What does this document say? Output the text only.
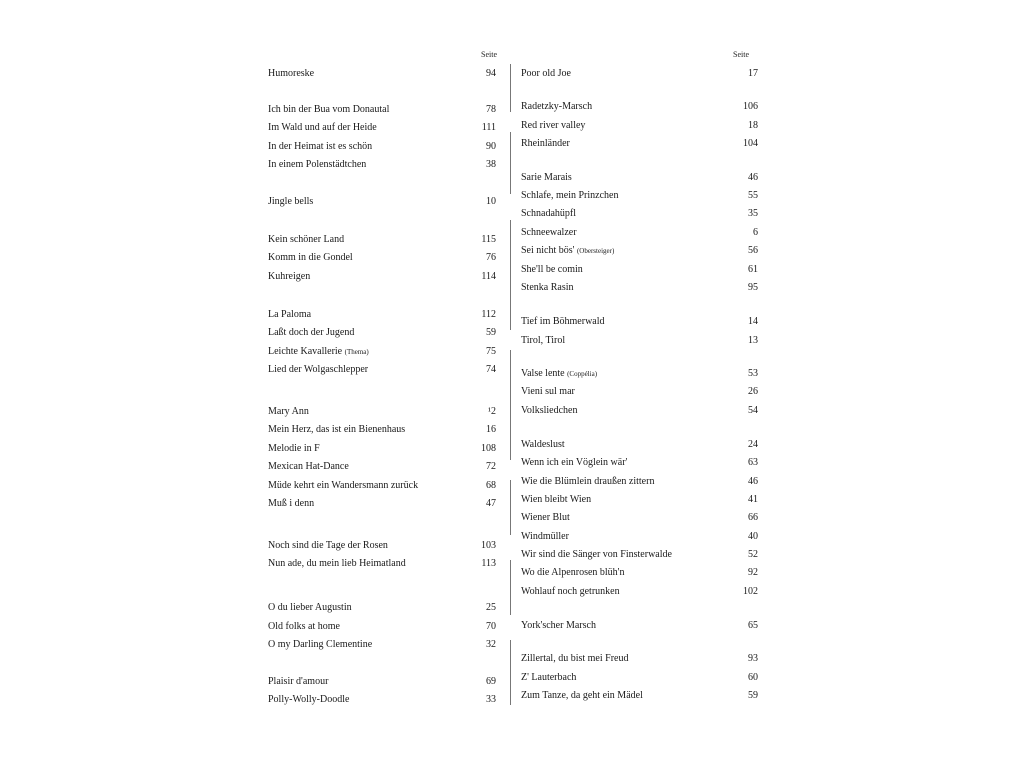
Seite
Humoreske	94
Ich bin der Bua vom Donautal	78
Im Wald und auf der Heide	111
In der Heimat ist es schön	90
In einem Polenstädtchen	38
Jingle bells	10
Kein schöner Land	115
Komm in die Gondel	76
Kuhreigen	114
La Paloma	112
Laßt doch der Jugend	59
Leichte Kavallerie (Thema)	75
Lied der Wolgaschlepper	74
Mary Ann	¹2
Mein Herz, das ist ein Bienenhaus	16
Melodie in F	108
Mexican Hat-Dance	72
Müde kehrt ein Wandersmann zurück	68
Muß i denn	47
Noch sind die Tage der Rosen	103
Nun ade, du mein lieb Heimatland	113
O du lieber Augustin	25
Old folks at home	70
O my Darling Clementine	32
Plaisir d'amour	69
Polly-Wolly-Doodle	33
Seite
Poor old Joe	17
Radetzky-Marsch	106
Red river valley	18
Rheinländer	104
Sarie Marais	46
Schlafe, mein Prinzchen	55
Schnadahüpfl	35
Schneewalzer	6
Sei nicht bös' (Obersteiger)	56
She'll be comin	61
Stenka Rasin	95
Tief im Böhmerwald	14
Tirol, Tirol	13
Valse lente (Coppélia)	53
Vieni sul mar	26
Volksliedchen	54
Waldeslust	24
Wenn ich ein Vöglein wär'	63
Wie die Blümlein draußen zittern	46
Wien bleibt Wien	41
Wiener Blut	66
Windmüller	40
Wir sind die Sänger von Finsterwalde	52
Wo die Alpenrosen blüh'n	92
Wohlauf noch getrunken	102
York'scher Marsch	65
Zillertal, du bist mei Freud	93
Z' Lauterbach	60
Zum Tanze, da geht ein Mädel	59
